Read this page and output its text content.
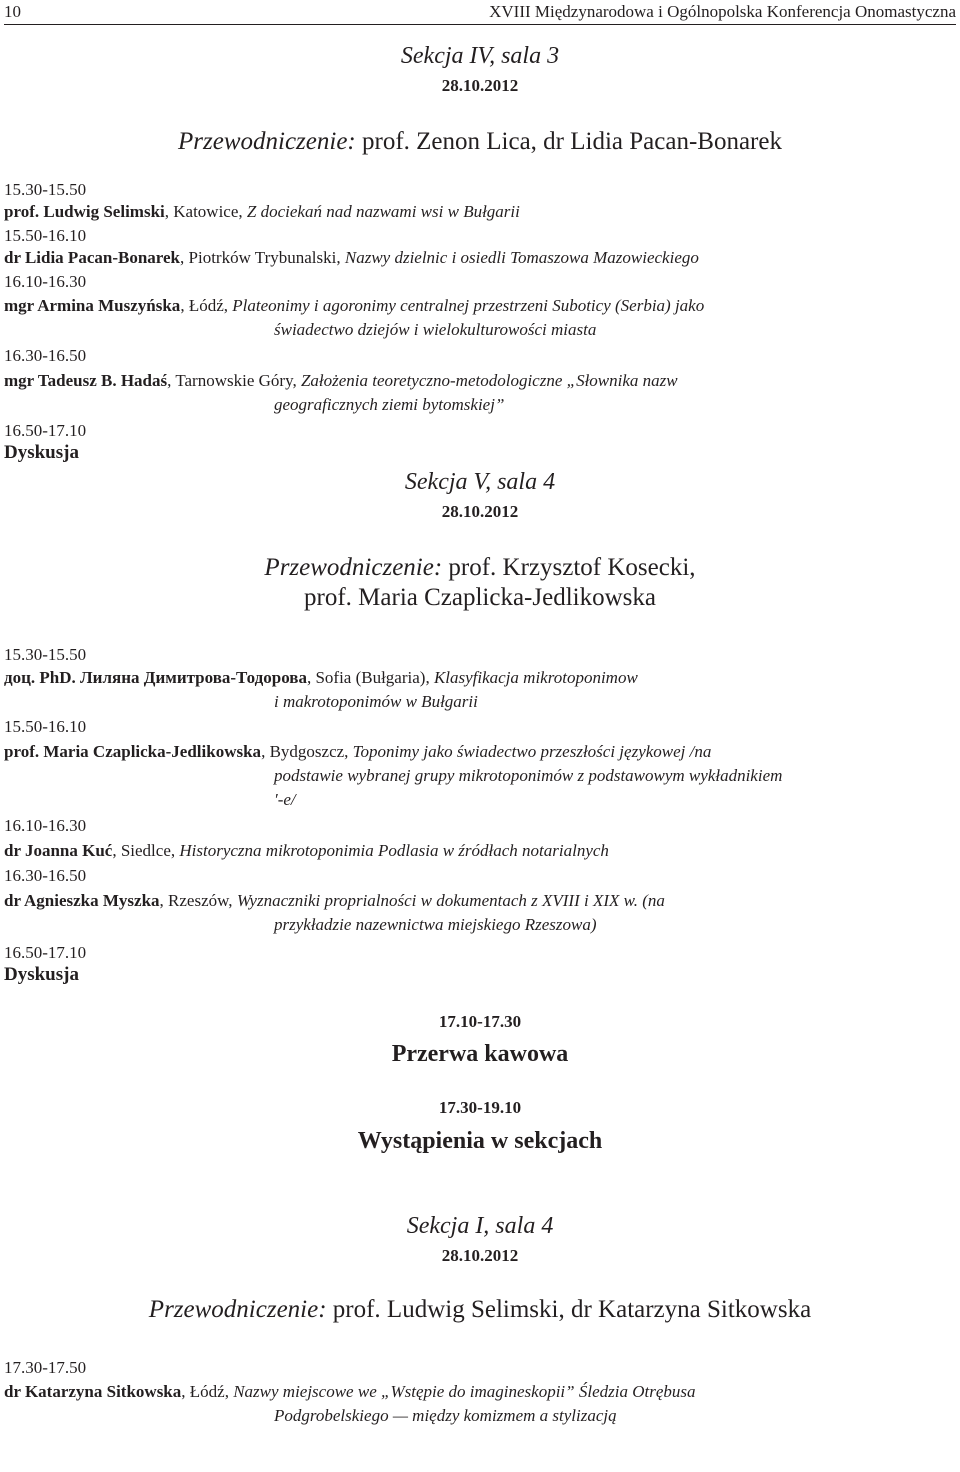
10	XVIII Międzynarodowa i Ogólnopolska Konferencja Onomastyczna
Sekcja IV, sala 3
28.10.2012
Przewodniczenie: prof. Zenon Lica, dr Lidia Pacan-Bonarek
15.30-15.50
prof. Ludwig Selimski, Katowice, Z dociekań nad nazwami wsi w Bułgarii
15.50-16.10
dr Lidia Pacan-Bonarek, Piotrków Trybunalski, Nazwy dzielnic i osiedli Tomaszowa Mazowieckiego
16.10-16.30
mgr Armina Muszyńska, Łódź, Plateonimy i agoronimy centralnej przestrzeni Suboticy (Serbia) jako
świadectwo dziejów i wielokulturowości miasta
16.30-16.50
mgr Tadeusz B. Hadaś, Tarnowskie Góry, Założenia teoretyczno-metodologiczne „Słownika nazw
geograficznych ziemi bytomskiej”
16.50-17.10
Dyskusja
Sekcja V, sala 4
28.10.2012
Przewodniczenie: prof. Krzysztof Kosecki,
prof. Maria Czaplicka-Jedlikowska
15.30-15.50
доц. PhD. Лиляна Димитрова-Тодорова, Sofia (Bułgaria), Klasyfikacja mikrotoponimow
i makrotoponimów w Bułgarii
15.50-16.10
prof. Maria Czaplicka-Jedlikowska, Bydgoszcz, Toponimy jako świadectwo przeszłości językowej /na
podstawie wybranej grupy mikrotoponimów z podstawowym wykładnikiem
′-e/
16.10-16.30
dr Joanna Kuć, Siedlce, Historyczna mikrotoponimia Podlasia w źródłach notarialnych
16.30-16.50
dr Agnieszka Myszka, Rzeszów, Wyznaczniki proprialności w dokumentach z XVIII i XIX w. (na
przykładzie nazewnictwa miejskiego Rzeszowa)
16.50-17.10
Dyskusja
17.10-17.30
Przerwa kawowa
17.30-19.10
Wystąpienia w sekcjach
Sekcja I, sala 4
28.10.2012
Przewodniczenie: prof. Ludwig Selimski, dr Katarzyna Sitkowska
17.30-17.50
dr Katarzyna Sitkowska, Łódź, Nazwy miejscowe we „Wstępie do imagineskopii” Śledzia Otrębusa
Podgrobelskiego — między komizmem a stylizacją
